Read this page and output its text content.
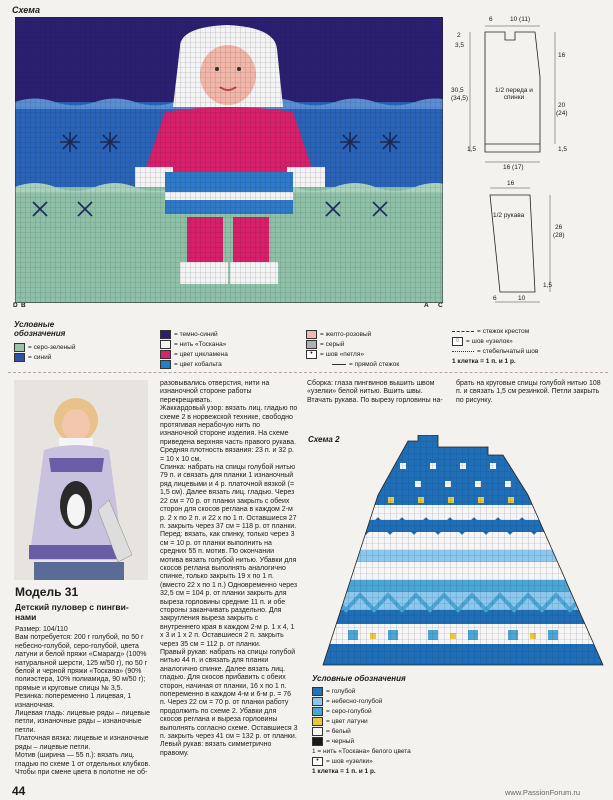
Схема
D B	A C
6	10 (11)
2
3,5
30,5
(34,5)
16
20
(24)
1/2 переда и
спинки
1,5	1,5
16 (17)
16
1/2 рукава
26
(28)
1,5
6	10
Условные
обозначения
= серо-зеленый
= синий
= темно-синий
= нить «Тосканa»
= цвет цикламена
= цвет кобальта
= желто-розовый
= серый
•	= шов «петля»
= прямой стежок
= стежок крестом
○ = шов «узелок»
= стебельчатый шов
1 клетка = 1 п. и 1 р.
Модель 31
Детский пуловер с пингви-нами

Размер: 104/110

Вам потребуется: 200 г голубой, по 50 г небесно-голубой, серо-голубой, цвета латуни и белой пряжи «Смарагд» (100% натуральной шерсти, 125 м/50 г), по 50 г белой и черной пряжи «Тоскана» (90% полиэстера, 10% полиамида, 90 м/50 г); прямые и круговые спицы № 3,5.

Резинка: попеременно 1 лицевая, 1 изнаночная.

Лицевая гладь: лицевые ряды – лицевые петли, изнаночные ряды – изнаночные петли.

Платочная вязка: лицевые и изнаночные ряды – лицевые петли.

Мотив (ширина — 55 п.): вязать лиц. гладью по схеме 1 от отдельных клубков. Чтобы при смене цвета в полотне не об-

разовывались отверстия, нити на изнаночной стороне работы перекрещивать.

Жаккардовый узор: вязать лиц. гладью по схеме 2 в норвежской технике, свободно протягивая нерабочую нить по изнаночной стороне изделия. На схеме приведена верхняя часть правого рукава.

Средняя плотность вязания: 23 п. и 32 р. = 10 х 10 см.

Спинка: набрать на спицы голубой нитью 79 п. и связать для планки 1 изнаночный ряд лицевыми и 4 р. платочной вязкой (= 1,5 см). Далее вязать лиц. гладью. Через 22 см = 70 р. от планки закрыть с обеих сторон для скосов реглана в каждом 2-м р. 2 х по 2 п. и 22 х по 1 п. Оставшиеся 27 п. закрыть через 37 см = 118 р. от планки.

Перед: вязать, как спинку, только через 3 см = 10 р. от планки выполнить на средних 55 п. мотив. По окончании мотива вязать голубой нитью. Убавки для скосов реглана выполнять аналогично спинке, только закрыть 19 х по 1 п. (вместо 22 х по 1 п.) Одновременно через 32,5 см = 104 р. от планки закрыть для выреза горловины средние 11 п. и обе стороны заканчивать раздельно. Для закругления выреза закрыть с внутреннего края в каждом 2-м р. 1 х 4, 1 х 3 и 1 х 2 п. Оставшиеся 2 п. закрыть через 35 см = 112 р. от планки.

Правый рукав: набрать на спицы голубой нитью 44 п. и связать для планки аналогично спинке. Далее вязать лиц. гладью. Для скосов прибавить с обеих сторон, начиная от планки, 16 х по 1 п. попеременно в каждом 4-м и 6-м р. = 76 п. Через 22 см = 70 р. от планки работу продолжить по схеме 2. Убавки для скосов реглана и выреза горловины выполнять согласно схеме. Оставшиеся 3 п. закрыть через 41 см = 132 р. от планки.

Левый рукав: вязать симметрично правому.

Сборка: глаза пингвинов вышить швом «узелки» белой нитью. Вшить швы. Втачать рукава. По вырезу горловины на-

брать на круговые спицы голубой нитью 108 п. и связать 1,5 см резинкой. Петли закрыть по рисунку.

Схема 2
Условные обозначения
= голубой
= небесно-голубой
= серо-голубой
= цвет латуни
= белый
= черный
1 = нить «Тоскана» белого цвета
•	= шов «узелки»
1 клетка = 1 п. и 1 р.
44	www.PassionForum.ru
